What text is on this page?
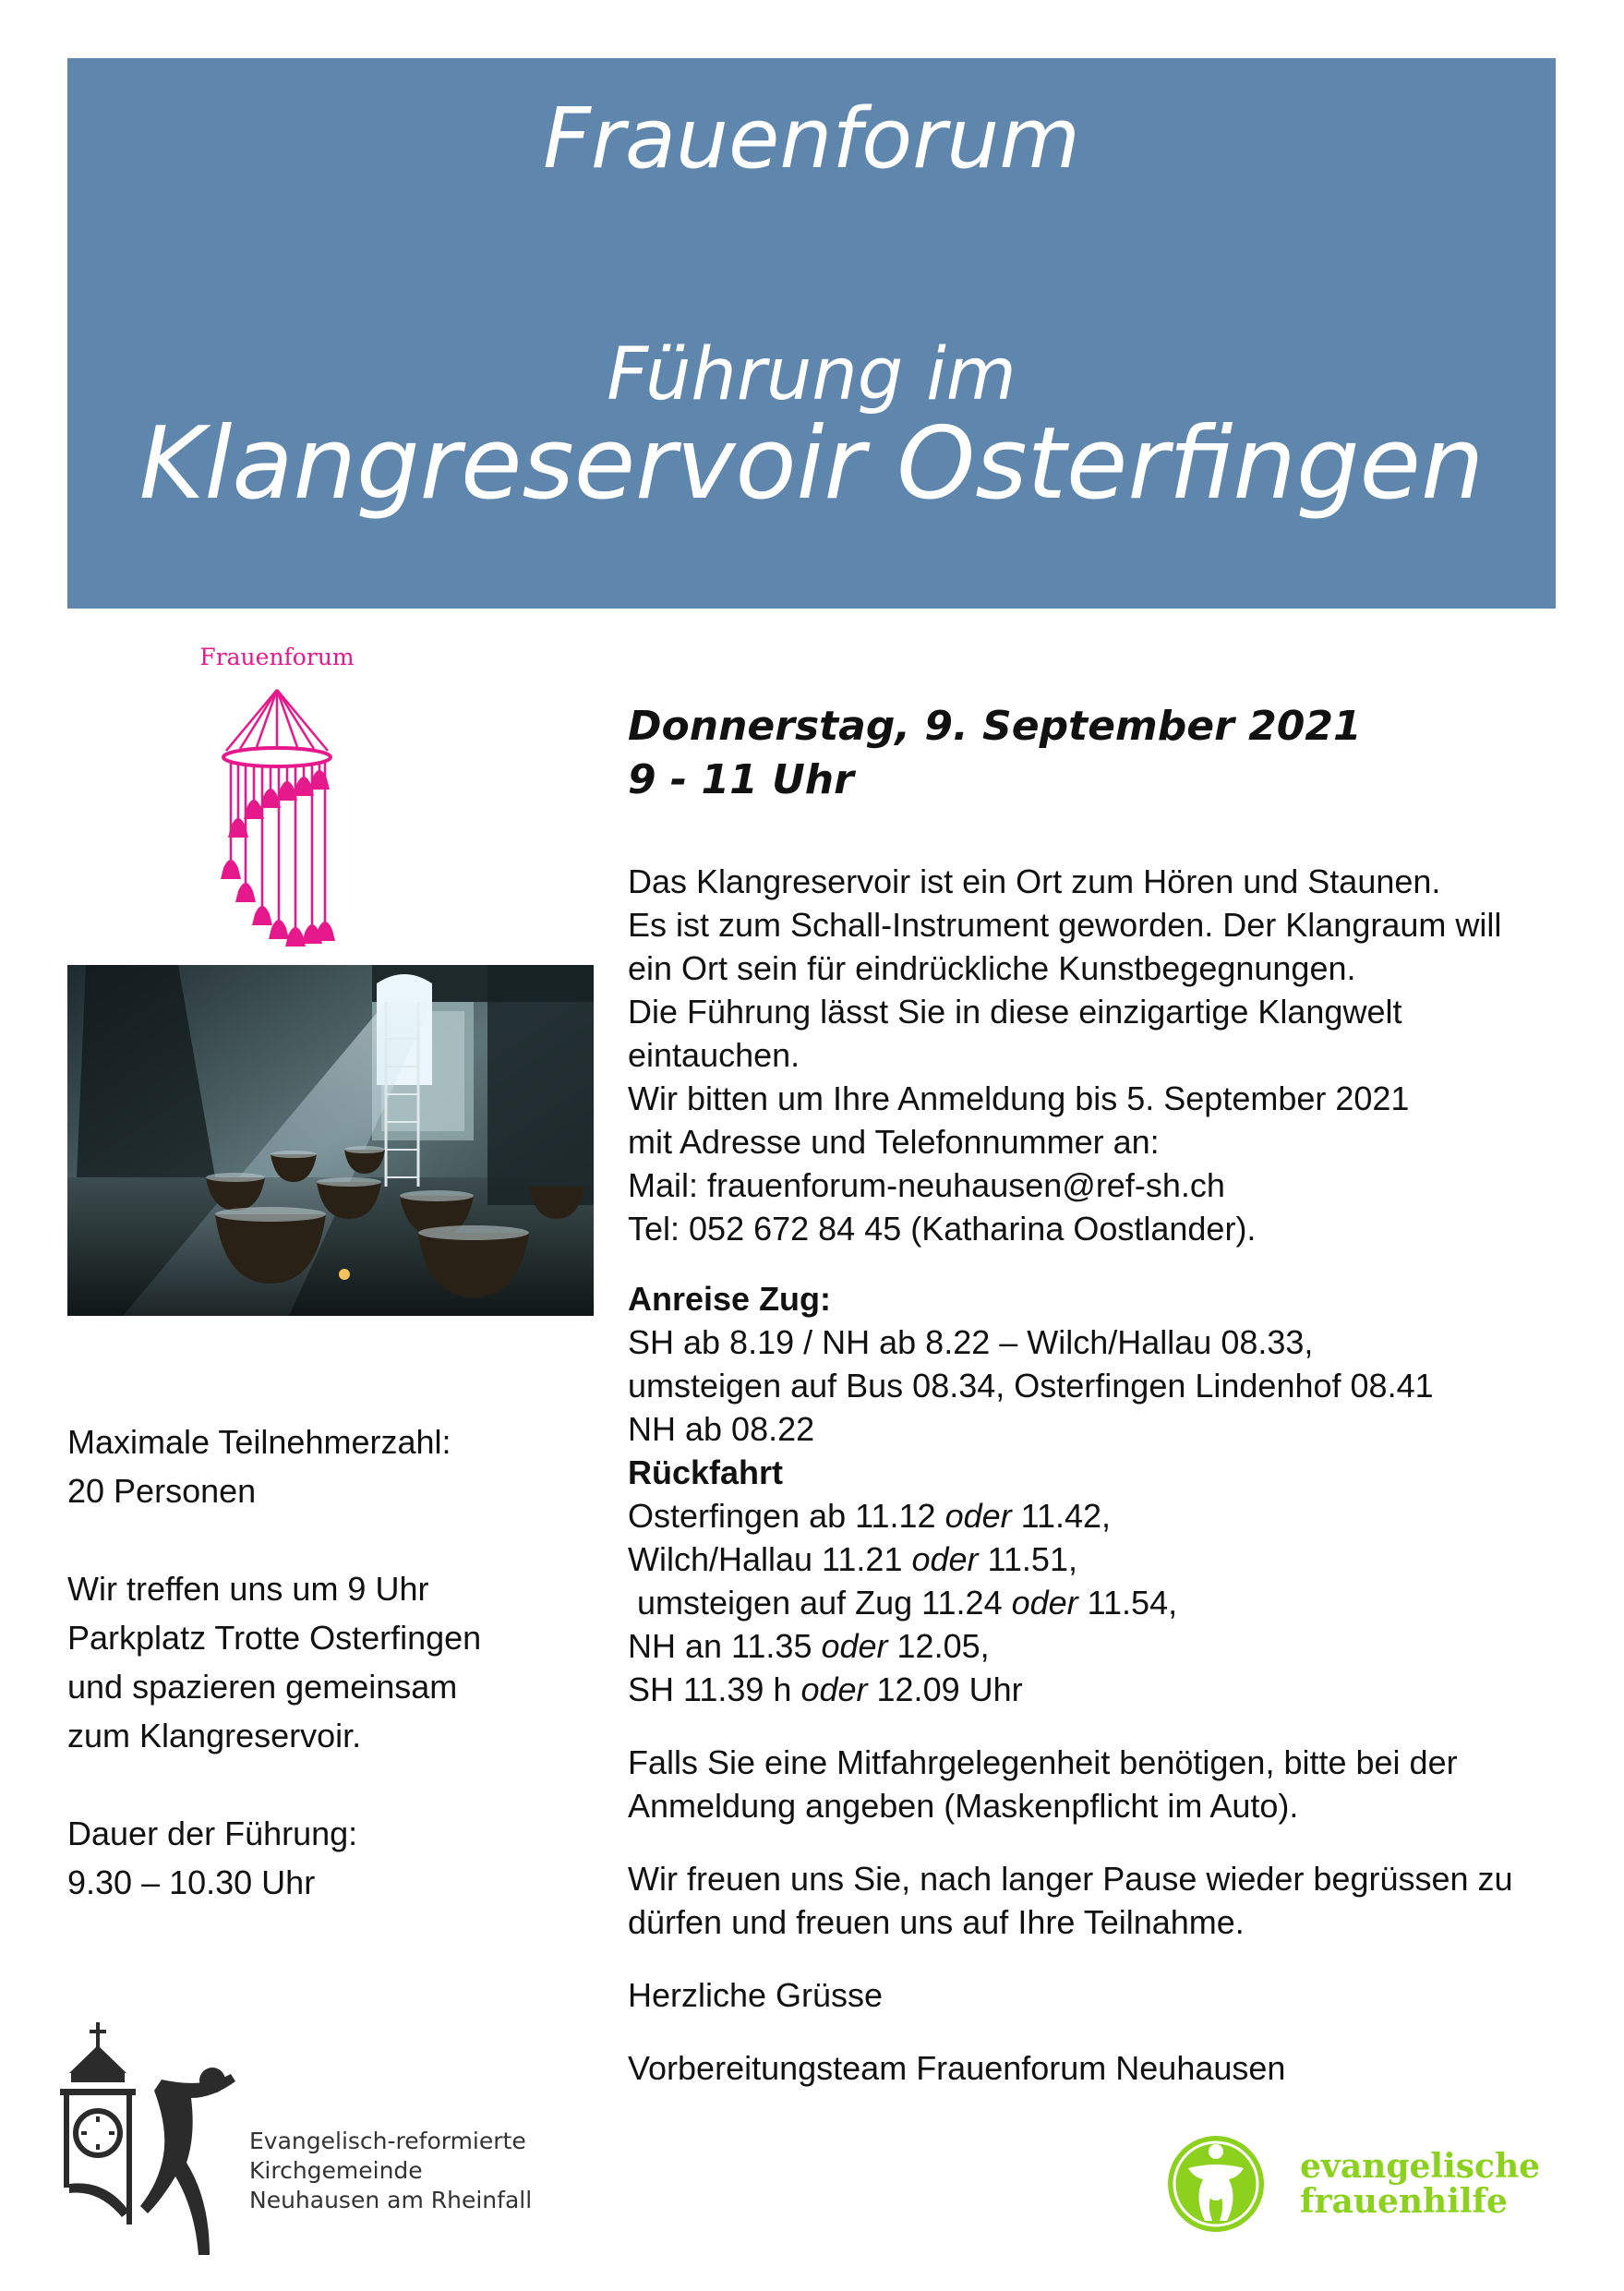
Frauenforum
Führung im
Klangreservoir Osterfingen
Frauenforum
Donnerstag, 9. September 2021
9 - 11 Uhr
Das Klangreservoir ist ein Ort zum Hören und Staunen.
Es ist zum Schall-Instrument geworden. Der Klangraum will
ein Ort sein für eindrückliche Kunstbegegnungen.
Die Führung lässt Sie in diese einzigartige Klangwelt
eintauchen.
Wir bitten um Ihre Anmeldung bis 5. September 2021
mit Adresse und Telefonnummer an:
Mail: frauenforum-neuhausen@ref-sh.ch
Tel: 052 672 84 45 (Katharina Oostlander).
Anreise Zug:
SH ab 8.19 / NH ab 8.22 – Wilch/Hallau 08.33,
umsteigen auf Bus 08.34, Osterfingen Lindenhof 08.41
NH ab 08.22
Rückfahrt
Osterfingen ab 11.12 oder 11.42,
Wilch/Hallau 11.21 oder 11.51,
umsteigen auf Zug 11.24 oder 11.54,
NH an 11.35 oder 12.05,
SH 11.39 h oder 12.09 Uhr
Falls Sie eine Mitfahrgelegenheit benötigen, bitte bei der
Anmeldung angeben (Maskenpflicht im Auto).
Wir freuen uns Sie, nach langer Pause wieder begrüssen zu
dürfen und freuen uns auf Ihre Teilnahme.
Herzliche Grüsse
Vorbereitungsteam Frauenforum Neuhausen

Maximale Teilnehmerzahl:
20 Personen

Wir treffen uns um 9 Uhr
Parkplatz Trotte Osterfingen
und spazieren gemeinsam
zum Klangreservoir.

Dauer der Führung:
9.30 – 10.30 Uhr

Evangelisch-reformierte
Kirchgemeinde
Neuhausen am Rheinfall
evangelische
frauenhilfe
